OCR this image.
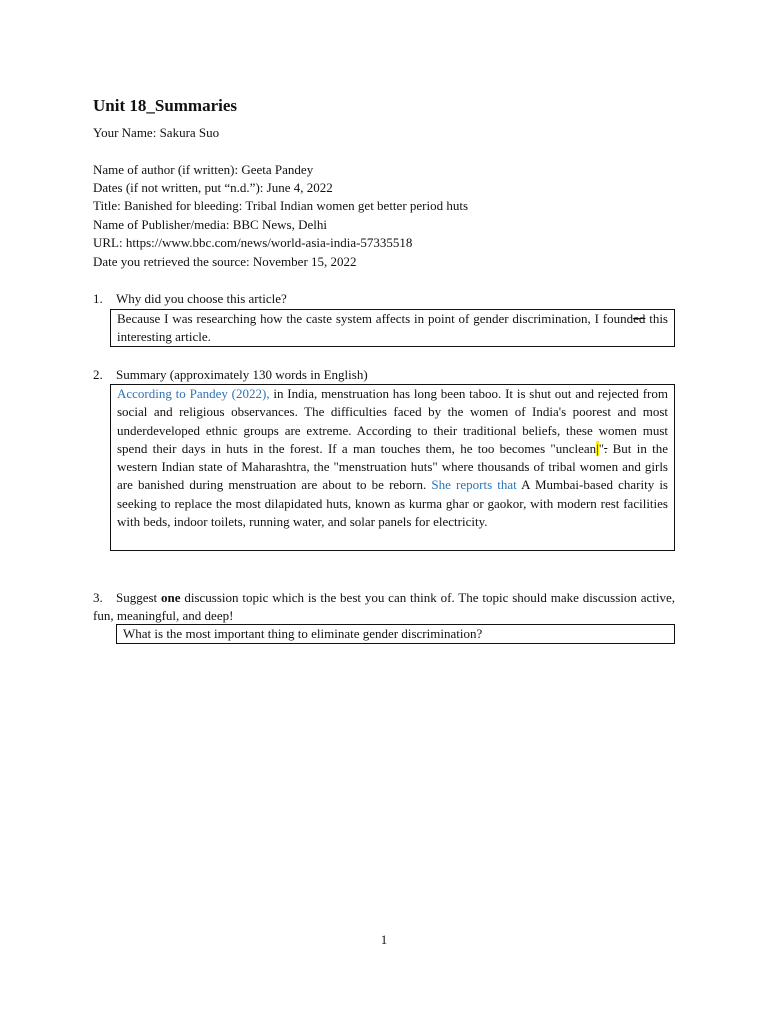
Unit 18_Summaries
Your Name: Sakura Suo
Name of author (if written): Geeta Pandey
Dates (if not written, put “n.d.”): June 4, 2022
Title: Banished for bleeding: Tribal Indian women get better period huts
Name of Publisher/media: BBC News, Delhi
URL: https://www.bbc.com/news/world-asia-india-57335518
Date you retrieved the source: November 15, 2022
1. Why did you choose this article?
Because I was researching how the caste system affects in point of gender discrimination, I founded this interesting article.
2. Summary (approximately 130 words in English)
According to Pandey (2022), in India, menstruation has long been taboo. It is shut out and rejected from social and religious observances. The difficulties faced by the women of India's poorest and most underdeveloped ethnic groups are extreme. According to their traditional beliefs, these women must spend their days in huts in the forest. If a man touches them, he too becomes "unclean|". But in the western Indian state of Maharashtra, the "menstruation huts" where thousands of tribal women and girls are banished during menstruation are about to be reborn. She reports that A Mumbai-based charity is seeking to replace the most dilapidated huts, known as kurma ghar or gaokor, with modern rest facilities with beds, indoor toilets, running water, and solar panels for electricity.
3. Suggest one discussion topic which is the best you can think of. The topic should make discussion active, fun, meaningful, and deep!
What is the most important thing to eliminate gender discrimination?
1
